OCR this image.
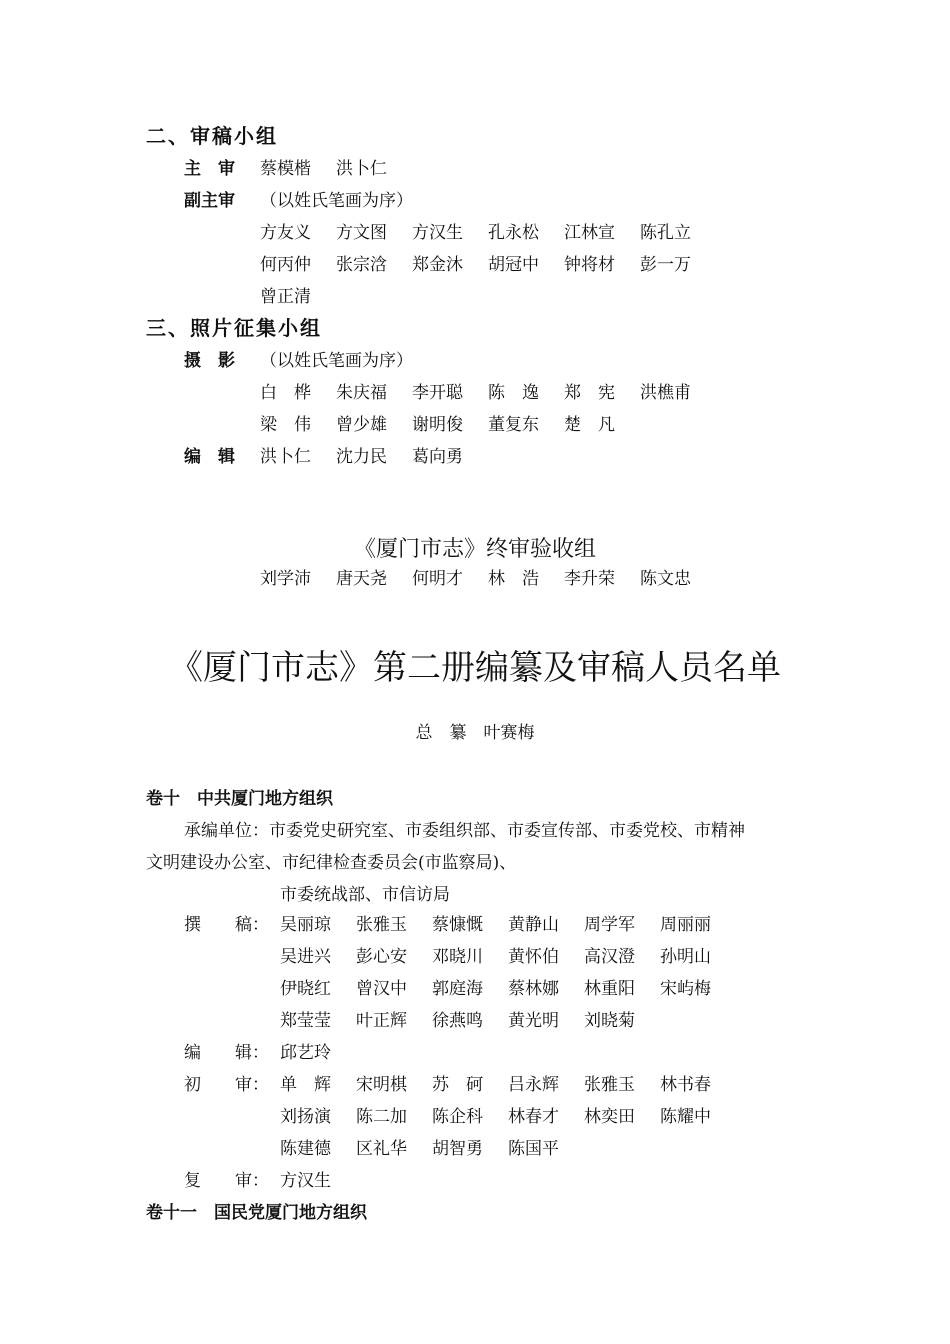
二、审稿小组
主　审 蔡模楷 洪卜仁
副主审 （以姓氏笔画为序）
方友义 方文图 方汉生 孔永松 江林宣 陈孔立
何丙仲 张宗浛 郑金沐 胡冠中 钟将材 彭一万
曾正清
三、照片征集小组
摄　影 （以姓氏笔画为序）
白　桦 朱庆福 李开聪 陈　逸 郑　宪 洪樵甫
梁　伟 曾少雄 谢明俊 董复东 楚　凡
编　辑 洪卜仁 沈力民 葛向勇
《厦门市志》终审验收组
刘学沛 唐天尧 何明才 林　浩 李升荣 陈文忠
《厦门市志》第二册编纂及审稿人员名单
总　纂　 叶赛梅
卷十　中共厦门地方组织
承编单位：市委党史研究室、市委组织部、市委宣传部、市委党校、市精神
文明建设办公室、市纪律检查委员会(市监察局)、
市委统战部、市信访局
撰　　稿： 吴丽琼 张雅玉 蔡慷慨 黄静山 周学军 周丽丽
吴进兴 彭心安 邓晓川 黄怀伯 高汉澄 孙明山
伊晓红 曾汉中 郭庭海 蔡林娜 林重阳 宋屿梅
郑莹莹 叶正辉 徐燕鸣 黄光明 刘晓菊
编　　辑： 邱艺玲
初　　审： 单　辉 宋明棋 苏　砢 吕永辉 张雅玉 林书春
刘扬演 陈二加 陈企科 林春才 林奕田 陈耀中
陈建德 区礼华 胡智勇 陈国平
复　　审： 方汉生
卷十一　国民党厦门地方组织
